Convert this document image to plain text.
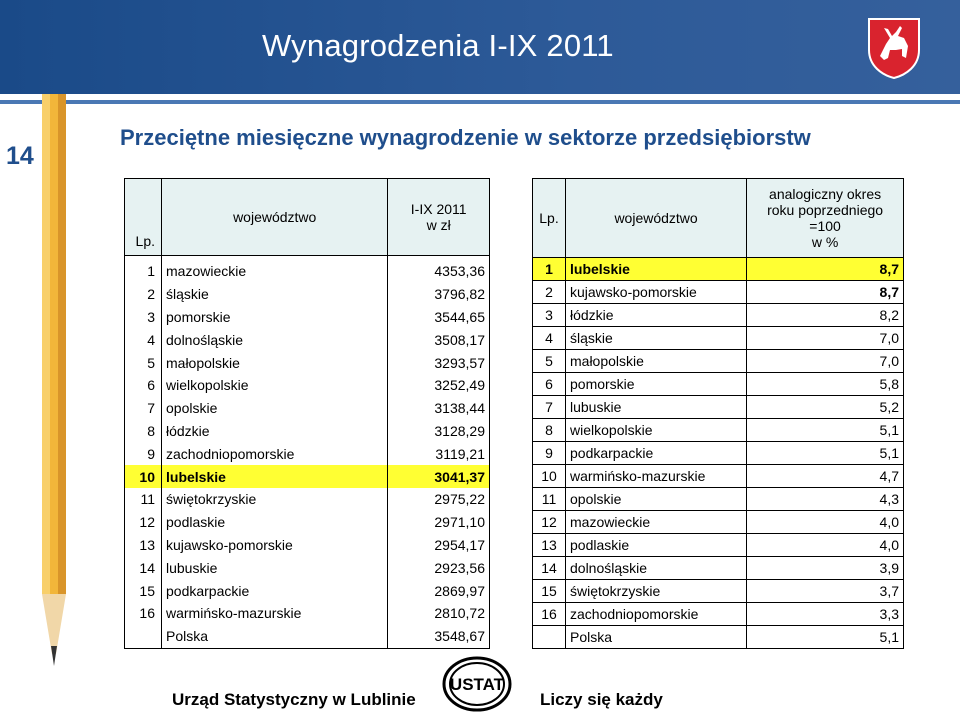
Wynagrodzenia I-IX 2011
14
Przeciętne miesięczne wynagrodzenie w sektorze przedsiębiorstw
Lp.	województwo	I-IX 2011
w zł
1	mazowieckie	4353,36
2	śląskie	3796,82
3	pomorskie	3544,65
4	dolnośląskie	3508,17
5	małopolskie	3293,57
6	wielkopolskie	3252,49
7	opolskie	3138,44
8	łódzkie	3128,29
9	zachodniopomorskie	3119,21
10	lubelskie	3041,37
11	świętokrzyskie	2975,22
12	podlaskie	2971,10
13	kujawsko-pomorskie	2954,17
14	lubuskie	2923,56
15	podkarpackie	2869,97
16	warmińsko-mazurskie	2810,72
	Polska	3548,67
Lp.	województwo	analogiczny okres
roku poprzedniego
=100
w %
1	lubelskie	8,7
2	kujawsko-pomorskie	8,7
3	łódzkie	8,2
4	śląskie	7,0
5	małopolskie	7,0
6	pomorskie	5,8
7	lubuskie	5,2
8	wielkopolskie	5,1
9	podkarpackie	5,1
10	warmińsko-mazurskie	4,7
11	opolskie	4,3
12	mazowieckie	4,0
13	podlaskie	4,0
14	dolnośląskie	3,9
15	świętokrzyskie	3,7
16	zachodniopomorskie	3,3
	Polska	5,1
Urząd Statystyczny w Lublinie
USTAT
Liczy się każdy
